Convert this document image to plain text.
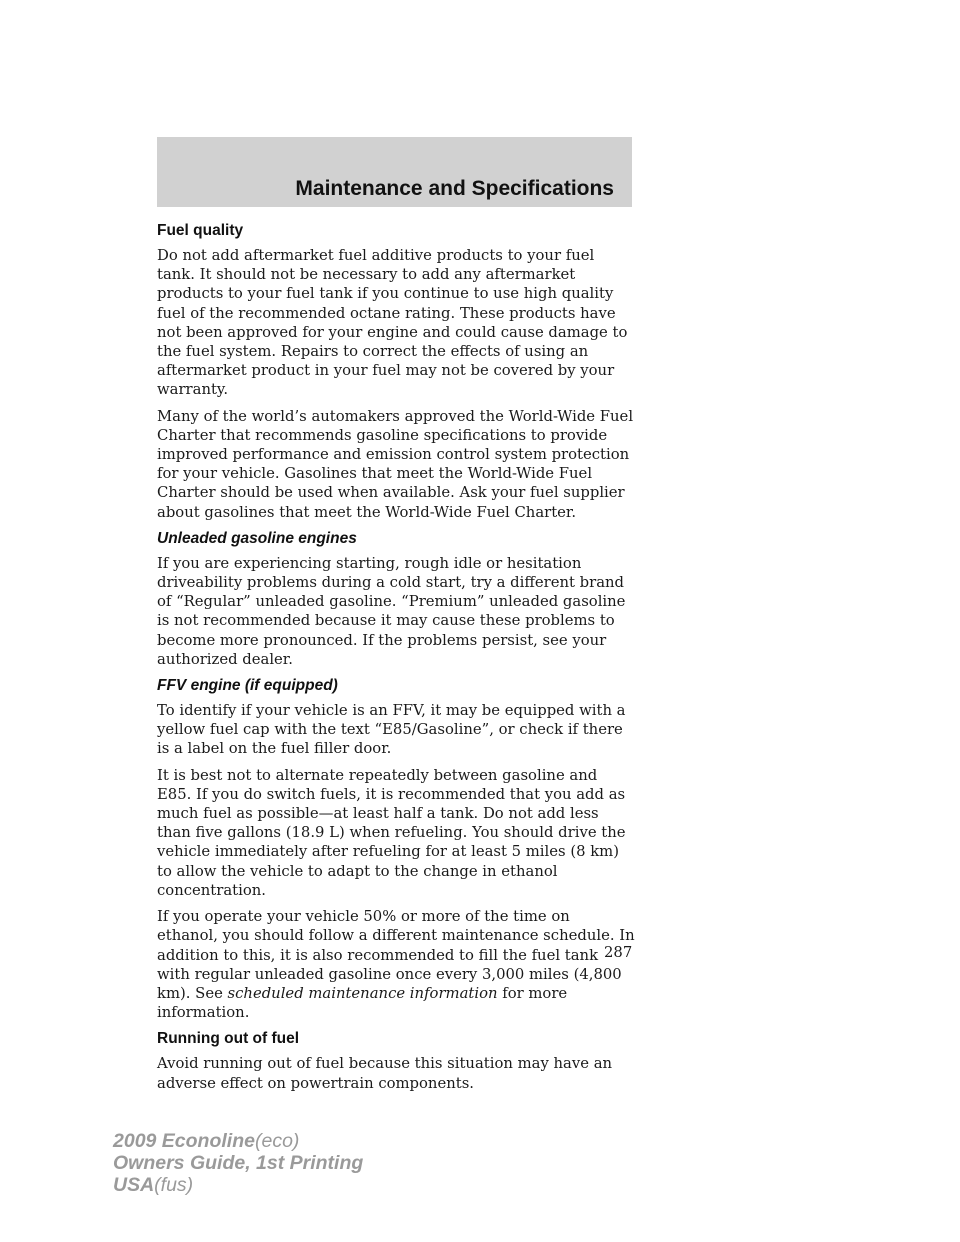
Maintenance and Specifications
Fuel quality

Do not add aftermarket fuel additive products to your fuel tank. It should not be necessary to add any aftermarket products to your fuel tank if you continue to use high quality fuel of the recommended octane rating. These products have not been approved for your engine and could cause damage to the fuel system. Repairs to correct the effects of using an aftermarket product in your fuel may not be covered by your warranty.

Many of the world’s automakers approved the World-Wide Fuel Charter that recommends gasoline specifications to provide improved performance and emission control system protection for your vehicle. Gasolines that meet the World-Wide Fuel Charter should be used when available. Ask your fuel supplier about gasolines that meet the World-Wide Fuel Charter.

Unleaded gasoline engines

If you are experiencing starting, rough idle or hesitation driveability problems during a cold start, try a different brand of “Regular” unleaded gasoline. “Premium” unleaded gasoline is not recommended because it may cause these problems to become more pronounced. If the problems persist, see your authorized dealer.

FFV engine (if equipped)

To identify if your vehicle is an FFV, it may be equipped with a yellow fuel cap with the text “E85/Gasoline”, or check if there is a label on the fuel filler door.

It is best not to alternate repeatedly between gasoline and E85. If you do switch fuels, it is recommended that you add as much fuel as possible—at least half a tank. Do not add less than five gallons (18.9 L) when refueling. You should drive the vehicle immediately after refueling for at least 5 miles (8 km) to allow the vehicle to adapt to the change in ethanol concentration.

If you operate your vehicle 50% or more of the time on ethanol, you should follow a different maintenance schedule. In addition to this, it is also recommended to fill the fuel tank with regular unleaded gasoline once every 3,000 miles (4,800 km). See scheduled maintenance information for more information.

Running out of fuel

Avoid running out of fuel because this situation may have an adverse effect on powertrain components.

287
2009 Econoline(eco)
Owners Guide, 1st Printing
USA(fus)
